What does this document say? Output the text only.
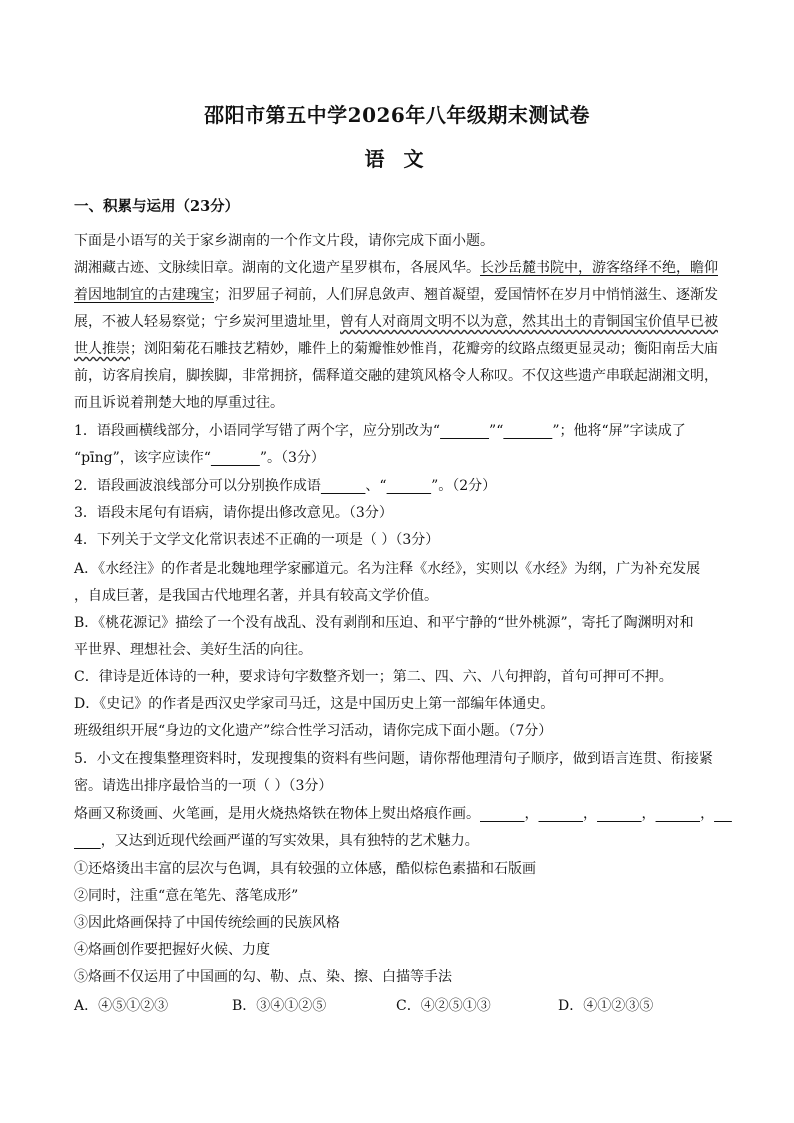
邵阳市第五中学2026年八年级期末测试卷
语 文
一、积累与运用（23分）
下面是小语写的关于家乡湖南的一个作文片段，请你完成下面小题。
湖湘藏古迹、文脉续旧章。湖南的文化遗产星罗棋布，各展风华。长沙岳麓书院中，游客络绎不绝，瞻仰
着因地制宜的古建瑰宝；汨罗屈子祠前，人们屏息敛声、翘首凝望，爱国情怀在岁月中悄悄滋生、逐渐发
展，不被人轻易察觉；宁乡炭河里遗址里，曾有人对商周文明不以为意，然其出土的青铜国宝价值早已被
世人推崇；浏阳菊花石雕技艺精妙，雕件上的菊瓣惟妙惟肖，花瓣旁的纹路点缀更显灵动；衡阳南岳大庙
前，访客肩挨肩，脚挨脚，非常拥挤，儒释道交融的建筑风格令人称叹。不仅这些遗产串联起湖湘文明，
而且诉说着荆楚大地的厚重过往。
1．语段画横线部分，小语同学写错了两个字，应分别改为“	”“	”；他将“屏”字读成了
“pīng”，该字应读作“	”。（3分）
2．语段画波浪线部分可以分别换作成语	、“	”。（2分）
3．语段末尾句有语病，请你提出修改意见。（3分）
4．下列关于文学文化常识表述不正确的一项是（ ）（3分）
A．《水经注》的作者是北魏地理学家郦道元。名为注释《水经》，实则以《水经》为纲，广为补充发展
，自成巨著，是我国古代地理名著，并具有较高文学价值。
B．《桃花源记》描绘了一个没有战乱、没有剥削和压迫、和平宁静的“世外桃源”，寄托了陶渊明对和
平世界、理想社会、美好生活的向往。
C．律诗是近体诗的一种，要求诗句字数整齐划一；第二、四、六、八句押韵，首句可押可不押。
D．《史记》的作者是西汉史学家司马迁，这是中国历史上第一部编年体通史。
班级组织开展“身边的文化遗产”综合性学习活动，请你完成下面小题。（7分）
5．小文在搜集整理资料时，发现搜集的资料有些问题，请你帮他理清句子顺序，做到语言连贯、衔接紧
密。请选出排序最恰当的一项（ ）（3分）
烙画又称烫画、火笔画，是用火烧热烙铁在物体上熨出烙痕作画。	，	，	，	，
，又达到近现代绘画严谨的写实效果，具有独特的艺术魅力。
①还烙烫出丰富的层次与色调，具有较强的立体感，酷似棕色素描和石版画
②同时，注重“意在笔先、落笔成形”
③因此烙画保持了中国传统绘画的民族风格
④烙画创作要把握好火候、力度
⑤烙画不仅运用了中国画的勾、勒、点、染、擦、白描等手法
A．④⑤①②③	B．③④①②⑤	C．④②⑤①③	D．④①②③⑤
